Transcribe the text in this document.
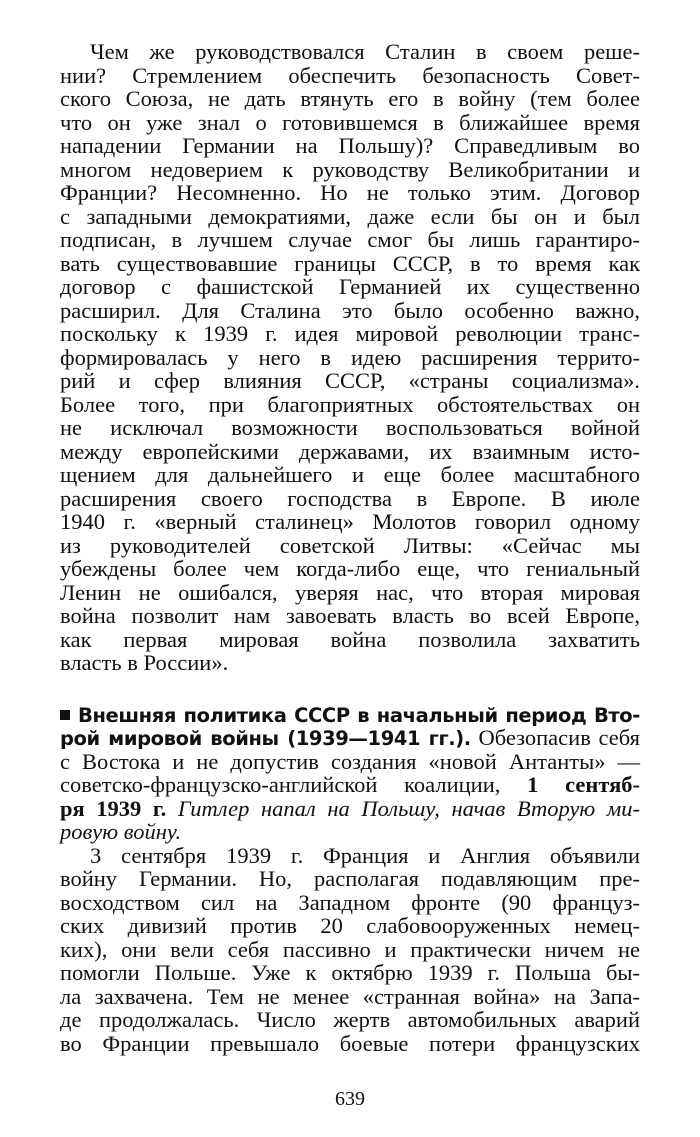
Чем же руководствовался Сталин в своем реше-
нии? Стремлением обеспечить безопасность Совет-
ского Союза, не дать втянуть его в войну (тем более
что он уже знал о готовившемся в ближайшее время
нападении Германии на Польшу)? Справедливым во
многом недоверием к руководству Великобритании и
Франции? Несомненно. Но не только этим. Договор
с западными демократиями, даже если бы он и был
подписан, в лучшем случае смог бы лишь гарантиро-
вать существовавшие границы СССР, в то время как
договор с фашистской Германией их существенно
расширил. Для Сталина это было особенно важно,
поскольку к 1939 г. идея мировой революции транс-
формировалась у него в идею расширения террито-
рий и сфер влияния СССР, «страны социализма».
Более того, при благоприятных обстоятельствах он
не исключал возможности воспользоваться войной
между европейскими державами, их взаимным исто-
щением для дальнейшего и еще более масштабного
расширения своего господства в Европе. В июле
1940 г. «верный сталинец» Молотов говорил одному
из руководителей советской Литвы: «Сейчас мы
убеждены более чем когда-либо еще, что гениальный
Ленин не ошибался, уверяя нас, что вторая мировая
война позволит нам завоевать власть во всей Европе,
как первая мировая война позволила захватить
власть в России».
Внешняя политика СССР в начальный период Вто-
рой мировой войны (1939—1941 гг.). Обезопасив себя
с Востока и не допустив создания «новой Антанты» —
советско-французско-английской коалиции, 1 сентяб-
ря 1939 г. Гитлер напал на Польшу, начав Вторую ми-
ровую войну.
3 сентября 1939 г. Франция и Англия объявили
войну Германии. Но, располагая подавляющим пре-
восходством сил на Западном фронте (90 француз-
ских дивизий против 20 слабовооруженных немец-
ких), они вели себя пассивно и практически ничем не
помогли Польше. Уже к октябрю 1939 г. Польша бы-
ла захвачена. Тем не менее «странная война» на Запа-
де продолжалась. Число жертв автомобильных аварий
во Франции превышало боевые потери французских
639
